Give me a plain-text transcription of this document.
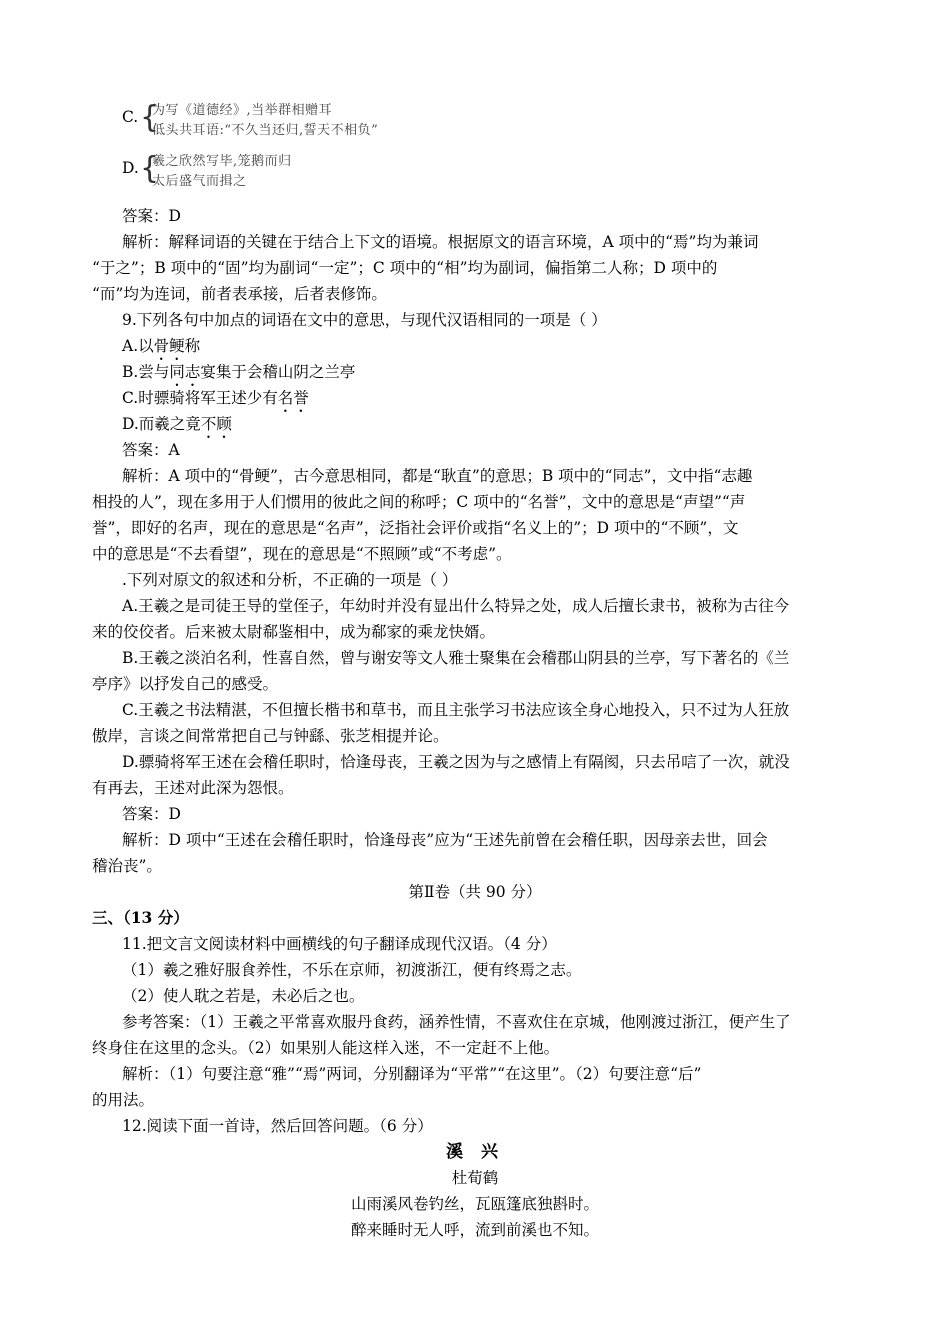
C. {
为写《道德经》,当举群相赠耳
低头共耳语:“不久当还归,誓天不相负”
D. {
羲之欣然写毕,笼鹅而归
太后盛气而揖之
答案：D
解析：解释词语的关键在于结合上下文的语境。根据原文的语言环境，A 项中的“焉”均为兼词
“于之”；B 项中的“固”均为副词“一定”；C 项中的“相”均为副词，偏指第二人称；D 项中的
“而”均为连词，前者表承接，后者表修饰。
9.下列各句中加点的词语在文中的意思，与现代汉语相同的一项是（ ）
A.以骨鲠称
B.尝与同志宴集于会稽山阴之兰亭
C.时骠骑将军王述少有名誉
D.而羲之竟不顾
答案：A
解析：A 项中的“骨鲠”，古今意思相同，都是“耿直”的意思；B 项中的“同志”，文中指“志趣
相投的人”，现在多用于人们惯用的彼此之间的称呼；C 项中的“名誉”，文中的意思是“声望”“声
誉”，即好的名声，现在的意思是“名声”，泛指社会评价或指“名义上的”；D 项中的“不顾”，文
中的意思是“不去看望”，现在的意思是“不照顾”或“不考虑”。
.下列对原文的叙述和分析，不正确的一项是（ ）
A.王羲之是司徒王导的堂侄子，年幼时并没有显出什么特异之处，成人后擅长隶书，被称为古往今
来的佼佼者。后来被太尉郗鉴相中，成为郗家的乘龙快婿。
B.王羲之淡泊名利，性喜自然，曾与谢安等文人雅士聚集在会稽郡山阴县的兰亭，写下著名的《兰
亭序》以抒发自己的感受。
C.王羲之书法精湛，不但擅长楷书和草书，而且主张学习书法应该全身心地投入，只不过为人狂放
傲岸，言谈之间常常把自己与钟繇、张芝相提并论。
D.骠骑将军王述在会稽任职时，恰逢母丧，王羲之因为与之感情上有隔阂，只去吊唁了一次，就没
有再去，王述对此深为怨恨。
答案：D
解析：D 项中“王述在会稽任职时，恰逢母丧”应为“王述先前曾在会稽任职，因母亲去世，回会
稽治丧”。
第Ⅱ卷（共 90 分）
三、（13 分）
11.把文言文阅读材料中画横线的句子翻译成现代汉语。（4 分）
（1）羲之雅好服食养性，不乐在京师，初渡浙江，便有终焉之志。
（2）使人耽之若是，未必后之也。
参考答案：（1）王羲之平常喜欢服丹食药，涵养性情，不喜欢住在京城，他刚渡过浙江，便产生了
终身住在这里的念头。（2）如果别人能这样入迷，不一定赶不上他。
解析：（1）句要注意“雅”“焉”两词，分别翻译为“平常”“在这里”。（2）句要注意“后”
的用法。
12.阅读下面一首诗，然后回答问题。（6 分）
溪 兴
杜荀鹤
山雨溪风卷钓丝，瓦瓯篷底独斟时。
醉来睡时无人呼，流到前溪也不知。
